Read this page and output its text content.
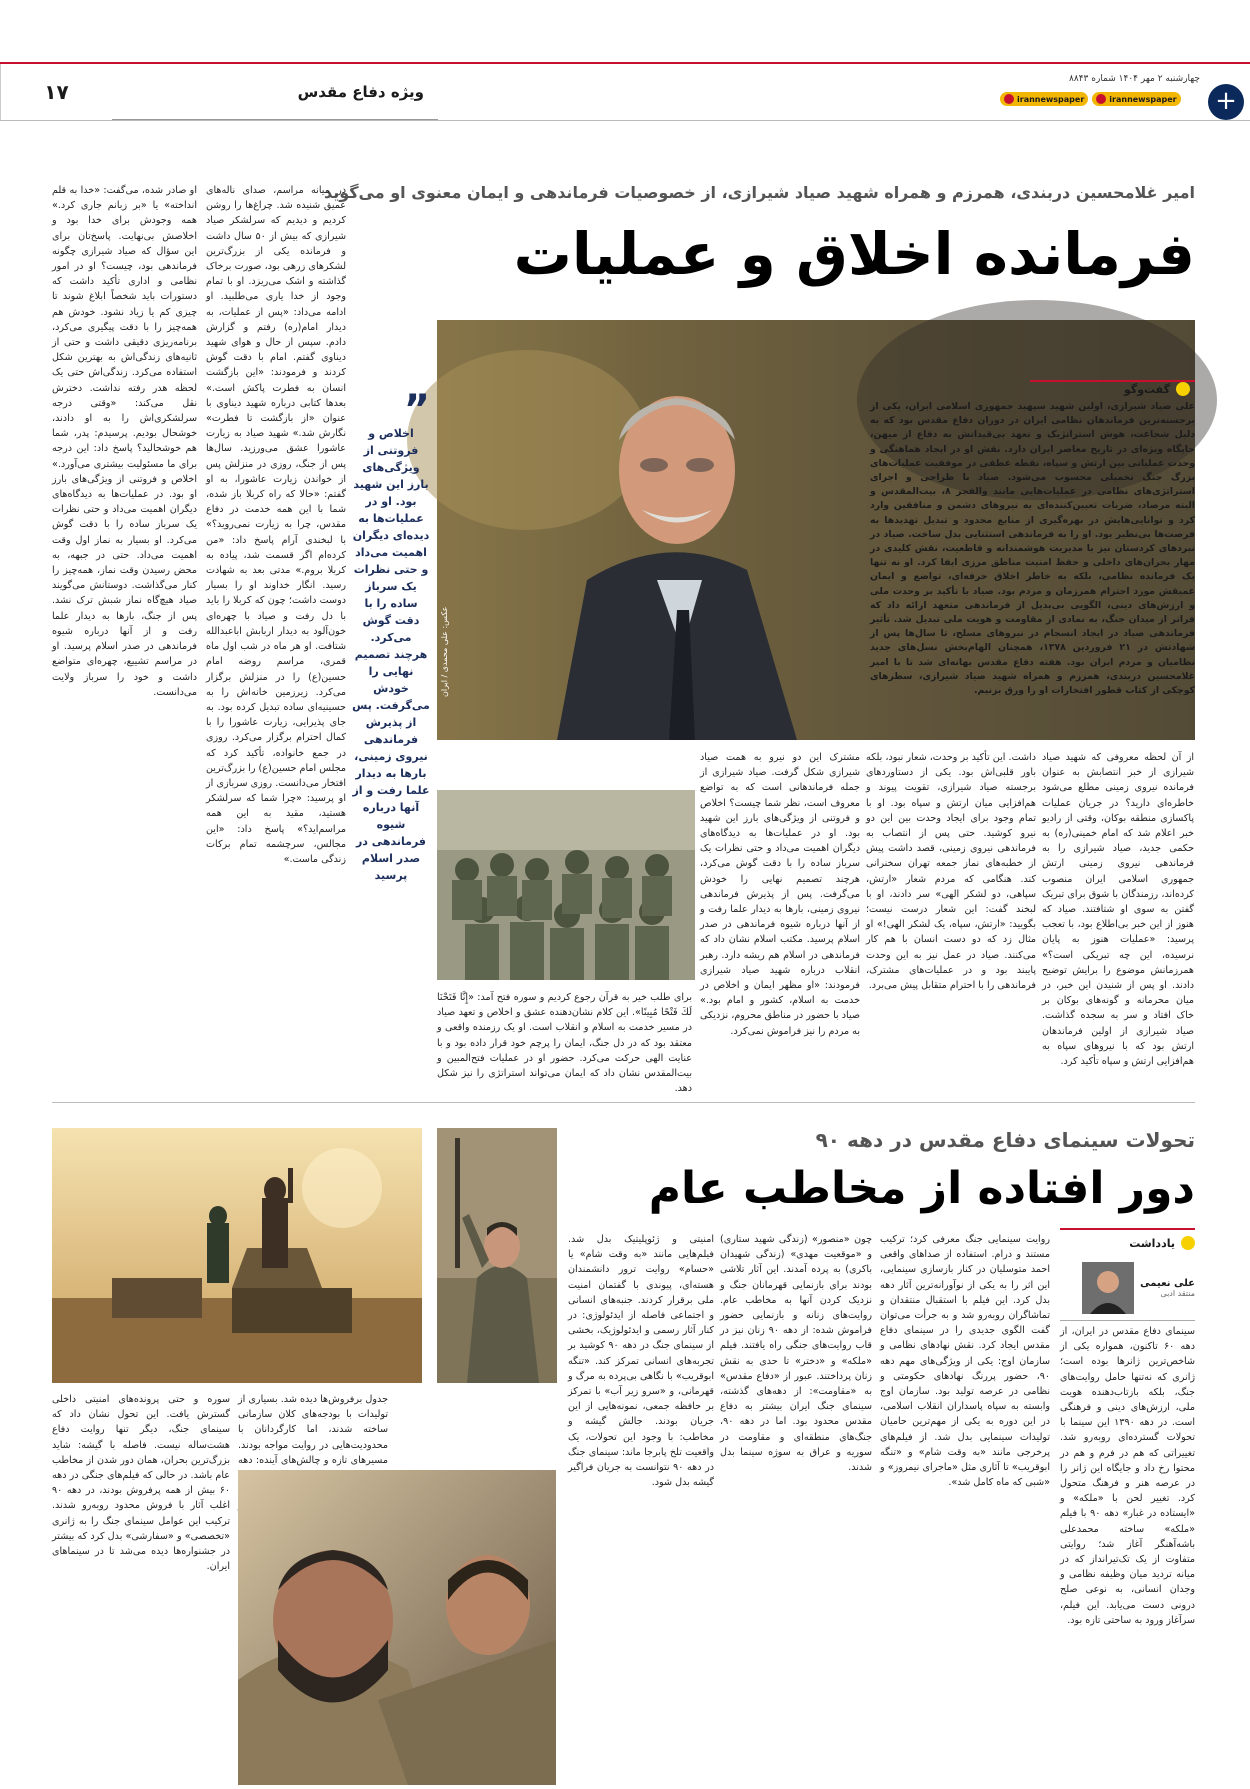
۱۷	ویژه دفاع مقدس
چهارشنبه ۲ مهر ۱۴۰۴ شماره ۸۸۴۳
irannewspaper
irannewspaper	+
امیر غلامحسین دربندی، همرزم و همراه شهید صیاد شیرازی، از خصوصیات فرماندهی و ایمان معنوی او می‌گوید
فرمانده اخلاق و عملیات
عکس: علی محمدی / ایران
گفت‌وگو
علی صیاد شیرازی، اولین شهید سپهبد جمهوری اسلامی ایران، یکی از برجسته‌ترین فرماندهان نظامی ایران در دوران دفاع مقدس بود که به دلیل شجاعت، هوش استراتژیک و تعهد بی‌قیدانش به دفاع از میهن، جایگاه ویژه‌ای در تاریخ معاصر ایران دارد. نقش او در ایجاد هماهنگی و وحدت عملیاتی بین ارتش و سپاه، نقطه عطفی در موفقیت عملیات‌های بزرگ جنگ تحمیلی محسوب می‌شود. صیاد با طراحی و اجرای استراتژی‌های نظامی در عملیات‌هایی مانند والفجر ۸، بیت‌المقدس و البته مرصاد، ضربات تعیین‌کننده‌ای به نیروهای دشمن و منافقین وارد کرد و توانایی‌هایش در بهره‌گیری از منابع محدود و تبدیل تهدیدها به فرصت‌ها بی‌نظیر بود. او را به فرماندهی استثنایی بدل ساخت. صیاد در نبردهای کردستان نیز با مدیریت هوشمندانه و قاطعیت، نقش کلیدی در مهار بحران‌های داخلی و حفظ امنیت مناطق مرزی ایفا کرد. او نه تنها یک فرمانده نظامی، بلکه به خاطر اخلاق حرفه‌ای، تواضع و ایمان عمیقش مورد احترام همرزمان و مردم بود. صیاد با تأکید بر وحدت ملی و ارزش‌های دینی، الگویی بی‌بدیل از فرماندهی متعهد ارائه داد که فراتر از میدان جنگ، به نمادی از مقاومت و هویت ملی تبدیل شد. تأثیر فرماندهی صیاد در ایجاد انسجام در نیروهای مسلح، تا سال‌ها پس از شهادتش در ۲۱ فروردین ۱۳۷۸، همچنان الهام‌بخش نسل‌های جدید نظامیان و مردم ایران بود. هفته دفاع مقدس بهانه‌ای شد تا با امیر غلامحسین دربندی، همرزم و همراه شهید صیاد شیرازی، سطرهای کوچکی از کتاب قطور افتخارات او را ورق بزنیم.
”
اخلاص و فروتنی از ویژگی‌های بارز این شهید بود. او در عملیات‌ها به دیده‌ای دیگران اهمیت می‌داد و حتی نظرات یک سرباز ساده را با دقت گوش می‌کرد. هرچند تصمیم نهایی را خودش می‌گرفت. پس از پذیرش فرماندهی نیروی زمینی، بارها به دیدار علما رفت و از آنها درباره شیوه فرماندهی در صدر اسلام پرسید
در میانه مراسم، صدای ناله‌های عمیق شنیده شد. چراغ‌ها را روشن کردیم و دیدیم که سرلشکر صیاد شیرازی که بیش از ۵۰ سال داشت و فرمانده یکی از بزرگ‌ترین لشکرهای زرهی بود، صورت برخاک گذاشته و اشک می‌ریزد. او با تمام وجود از خدا یاری می‌طلبید. او ادامه می‌داد: «پس از عملیات، به دیدار امام(ره) رفتم و گزارش دادم. سپس از حال و هوای شهید دیناوی گفتم. امام با دقت گوش کردند و فرمودند: «این بازگشت انسان به فطرت پاکش است.» بعدها کتابی درباره شهید دیناوی با عنوان «از بازگشت تا فطرت» نگارش شد.» شهید صیاد به زیارت عاشورا عشق می‌ورزید. سال‌ها پس از جنگ، روزی در منزلش پس از خواندن زیارت عاشورا، به او گفتم: «حالا که راه کربلا باز شده، شما با این همه خدمت در دفاع مقدس، چرا به زیارت نمی‌روید؟» با لبخندی آرام پاسخ داد: «من کرده‌ام اگر قسمت شد، پیاده به کربلا بروم.» مدتی بعد به شهادت رسید. انگار خداوند او را بسیار دوست داشت؛ چون که کربلا را باید با دل رفت و صیاد با چهره‌ای خون‌آلود به دیدار اربابش ابا‌عبدالله شتافت. او هر ماه در شب اول ماه قمری، مراسم روضه امام حسین(ع) را در منزلش برگزار می‌کرد. زیرزمین خانه‌اش را به حسینیه‌ای ساده تبدیل کرده بود. به جای پذیرایی، زیارت عاشورا را با کمال احترام برگزار می‌کرد. روزی در جمع خانواده، تأکید کرد که مجلس امام حسین(ع) را بزرگ‌ترین افتخار می‌دانست. روزی سربازی از او پرسید: «چرا شما که سرلشکر هستید، مقید به این همه مراسم‌اید؟» پاسخ داد: «این مجالس، سرچشمه تمام برکات زندگی ماست.»
او صادر شده، می‌گفت: «خدا به قلم انداخته» یا «بر زبانم جاری کرد.» همه وجودش برای خدا بود و اخلاصش بی‌نهایت. پاسخ‌تان برای این سؤال که صیاد شیرازی چگونه فرماندهی بود، چیست؟ او در امور نظامی و اداری تأکید داشت که دستورات باید شخصاً ابلاغ شوند تا چیزی کم یا زیاد نشود. خودش هم همه‌چیز را با دقت پیگیری می‌کرد، برنامه‌ریزی دقیقی داشت و حتی از ثانیه‌های زندگی‌اش به بهترین شکل استفاده می‌کرد. زندگی‌اش حتی یک لحظه هدر رفته نداشت. دخترش نقل می‌کند: «وقتی درجه سرلشکری‌اش را به او دادند، خوشحال بودیم. پرسیدم: پدر، شما هم خوشحالید؟ پاسخ داد: این درجه برای ما مسئولیت بیشتری می‌آورد.» اخلاص و فروتنی از ویژگی‌های بارز او بود. در عملیات‌ها به دیدگاه‌های دیگران اهمیت می‌داد و حتی نظرات یک سرباز ساده را با دقت گوش می‌کرد. او بسیار به نماز اول وقت اهمیت می‌داد. حتی در جبهه، به محض رسیدن وقت نماز، همه‌چیز را کنار می‌گذاشت. دوستانش می‌گویند صیاد هیچ‌گاه نماز شبش ترک نشد. پس از جنگ، بارها به دیدار علما رفت و از آنها درباره شیوه فرماندهی در صدر اسلام پرسید. او در مراسم تشییع، چهره‌ای متواضع داشت و خود را سرباز ولایت می‌دانست.
از آن لحظه معروفی که شهید صیاد شیرازی از خبر انتصابش به عنوان فرمانده نیروی زمینی مطلع می‌شود خاطره‌ای دارید؟ در جریان عملیات پاکسازی منطقه بوکان، وقتی از رادیو خبر اعلام شد که امام خمینی(ره) به حکمی جدید، صیاد شیرازی را به فرماندهی نیروی زمینی ارتش جمهوری اسلامی ایران منصوب کرده‌اند، رزمندگان با شوق برای تبریک گفتن به سوی او شتافتند. صیاد که هنوز از این خبر بی‌اطلاع بود، با تعجب پرسید: «عملیات هنوز به پایان نرسیده، این چه تبریکی است؟» همرزمانش موضوع را برایش توضیح دادند. او پس از شنیدن این خبر، در میان محرمانه و گونه‌های بوکان بر خاک افتاد و سر به سجده گذاشت. صیاد شیرازی از اولین فرماندهان ارتش بود که با نیروهای سپاه به هم‌افزایی ارتش و سپاه تأکید کرد.
داشت. این تأکید بر وحدت، شعار نبود، بلکه باور قلبی‌اش بود. یکی از دستاوردهای برجسته صیاد شیرازی، تقویت پیوند و هم‌افزایی میان ارتش و سپاه بود. او با تمام وجود برای ایجاد وحدت بین این دو نیرو کوشید. حتی پس از انتصاب به فرماندهی نیروی زمینی، قصد داشت پیش از خطبه‌های نماز جمعه تهران سخنرانی کند. هنگامی که مردم شعار «ارتش، سپاهی، دو لشکر الهی» سر دادند، او با لبخند گفت: این شعار درست نیست؛ بگویید: «ارتش، سپاه، یک لشکر الهی!» او مثال زد که دو دست انسان با هم کار می‌کنند. صیاد در عمل نیز به این وحدت پایبند بود و در عملیات‌های مشترک، فرماندهی را با احترام متقابل پیش می‌برد.
مشترک این دو نیرو به همت صیاد شیرازی شکل گرفت. صیاد شیرازی از جمله فرماندهانی است که به تواضع معروف است، نظر شما چیست؟ اخلاص و فروتنی از ویژگی‌های بارز این شهید بود. او در عملیات‌ها به دیدگاه‌های دیگران اهمیت می‌داد و حتی نظرات یک سرباز ساده را با دقت گوش می‌کرد، هرچند تصمیم نهایی را خودش می‌گرفت. پس از پذیرش فرماندهی نیروی زمینی، بارها به دیدار علما رفت و از آنها درباره شیوه فرماندهی در صدر اسلام پرسید. مکتب اسلام نشان داد که فرماندهی در اسلام هم ریشه دارد. رهبر انقلاب درباره شهید صیاد شیرازی فرمودند: «او مظهر ایمان و اخلاص در خدمت به اسلام، کشور و امام بود.» صیاد با حضور در مناطق محروم، نزدیکی به مردم را نیز فراموش نمی‌کرد.
برای طلب خیر به قرآن رجوع کردیم و سوره فتح آمد: «إِنَّا فَتَحْنَا لَكَ فَتْحًا مُبِينًا». این کلام نشان‌دهنده عشق و اخلاص و تعهد صیاد در مسیر خدمت به اسلام و انقلاب است. او یک رزمنده واقعی و معتقد بود که در دل جنگ، ایمان را پرچم خود قرار داده بود و با عنایت الهی حرکت می‌کرد. حضور او در عملیات فتح‌المبین و بیت‌المقدس نشان داد که ایمان می‌تواند استراتژی را نیز شکل دهد.
تحولات سینمای دفاع مقدس در دهه ۹۰
دور افتاده از مخاطب عام
یادداشت
علی نعیمی
منتقد ادبی
سینمای دفاع مقدس در ایران، از دهه ۶۰ تاکنون، همواره یکی از شاخص‌ترین ژانرها بوده است؛ ژانری که نه‌تنها حامل روایت‌های جنگ، بلکه بازتاب‌دهنده هویت ملی، ارزش‌های دینی و فرهنگی است. در دهه ۱۳۹۰ این سینما با تحولات گسترده‌ای روبه‌رو شد. تغییراتی که هم در فرم و هم در محتوا رخ داد و جایگاه این ژانر را در عرصه هنر و فرهنگ متحول کرد. تغییر لحن با «ملکه» و «ایستاده در غبار» دهه ۹۰ با فیلم «ملکه» ساخته محمدعلی باشه‌آهنگر آغاز شد؛ روایتی متفاوت از یک تک‌تیرانداز که در میانه تردید میان وظیفه نظامی و وجدان انسانی، به نوعی صلح درونی دست می‌یابد. این فیلم، سرآغاز ورود به ساحتی تازه بود.
روایت سینمایی جنگ معرفی کرد؛ ترکیب مستند و درام. استفاده از صداهای واقعی احمد متوسلیان در کنار بازسازی سینمایی، این اثر را به یکی از نوآورانه‌ترین آثار دهه بدل کرد. این فیلم با استقبال منتقدان و تماشاگران روبه‌رو شد و به جرأت می‌توان گفت الگوی جدیدی را در سینمای دفاع مقدس ایجاد کرد. نقش نهادهای نظامی و سازمان اوج: یکی از ویژگی‌های مهم دهه ۹۰، حضور پررنگ نهادهای حکومتی و نظامی در عرصه تولید بود. سازمان اوج وابسته به سپاه پاسداران انقلاب اسلامی، در این دوره به یکی از مهم‌ترین حامیان تولیدات سینمایی بدل شد. از فیلم‌های پرخرجی مانند «به وقت شام» و «تنگه ابوقریب» تا آثاری مثل «ماجرای نیمروز» و «شبی که ماه کامل شد».
چون «منصور» (زندگی شهید ستاری) و «موقعیت مهدی» (زندگی شهیدان باکری) به پرده آمدند. این آثار تلاشی بودند برای بازنمایی قهرمانان جنگ و نزدیک کردن آنها به مخاطب عام. روایت‌های زنانه و بازنمایی حضور فراموش شده: از دهه ۹۰ زنان نیز در قاب روایت‌های جنگی راه یافتند. فیلم «ملکه» و «دختر» تا حدی به نقش زنان پرداختند. عبور از «دفاع مقدس» به «مقاومت»: از دهه‌های گذشته، سینمای جنگ ایران بیشتر به دفاع مقدس محدود بود. اما در دهه ۹۰، جنگ‌های منطقه‌ای و مقاومت در سوریه و عراق به سوژه سینما بدل شدند.
امنیتی و ژئوپلیتیک بدل شد. فیلم‌هایی مانند «به وقت شام» یا «حسام» روایت ترور دانشمندان هسته‌ای، پیوندی با گفتمان امنیت ملی برقرار کردند. جنبه‌های انسانی و اجتماعی فاصله از ایدئولوژی: در کنار آثار رسمی و ایدئولوژیک، بخشی از سینمای جنگ در دهه ۹۰ کوشید بر تجربه‌های انسانی تمرکز کند. «تنگه ابوقریب» با نگاهی بی‌پرده به مرگ و قهرمانی، و «سرو زیر آب» با تمرکز بر حافظه جمعی، نمونه‌هایی از این جریان بودند. جالش گیشه و مخاطب: با وجود این تحولات، یک واقعیت تلخ پابرجا ماند: سینمای جنگ در دهه ۹۰ نتوانست به جریان فراگیر گیشه بدل شود.
جدول برفروش‌ها دیده شد. بسیاری از تولیدات با بودجه‌های کلان سازمانی ساخته شدند، اما کارگردانان با محدودیت‌هایی در روایت مواجه بودند. مسیرهای تازه و چالش‌های آینده: دهه
سوره و حتی پرونده‌های امنیتی داخلی گسترش یافت. این تحول نشان داد که سینمای جنگ، دیگر تنها روایت دفاع هشت‌ساله نیست. فاصله با گیشه: شاید بزرگ‌ترین بحران، همان دور شدن از مخاطب عام باشد. در حالی که فیلم‌های جنگی در دهه ۶۰ بیش از همه پرفروش بودند، در دهه ۹۰ اغلب آثار با فروش محدود روبه‌رو شدند. ترکیب این عوامل سینمای جنگ را به ژانری «تخصصی» و «سفارشی» بدل کرد که بیشتر در جشنواره‌ها دیده می‌شد تا در سینماهای ایران.
